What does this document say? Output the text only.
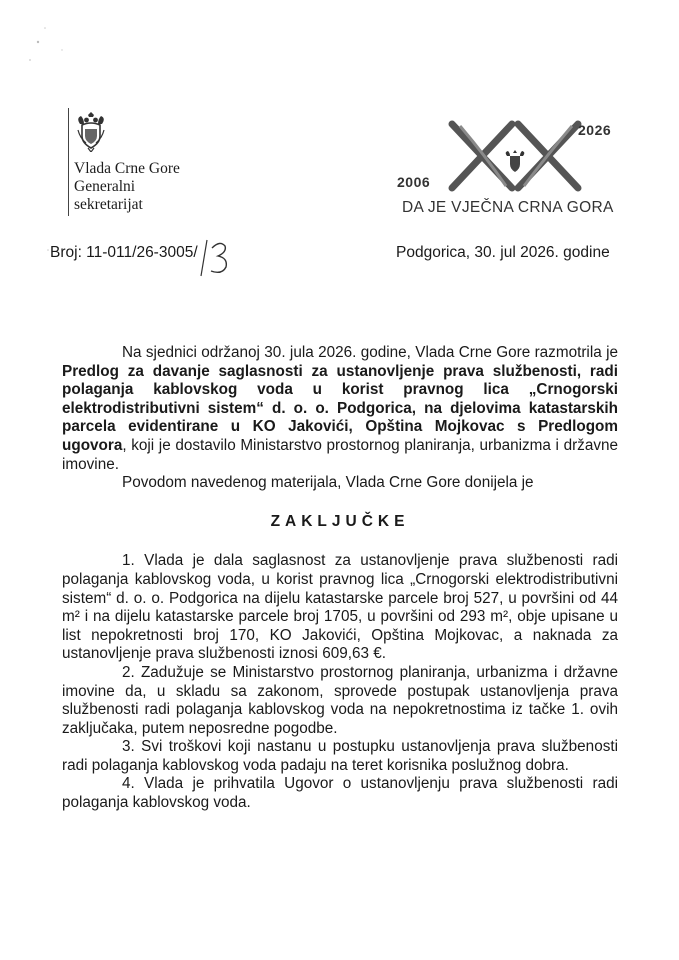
Vlada Crne Gore
Generalni
sekretarijat
2026
2006
DA JE VJEČNA CRNA GORA
Broj: 11-011/26-3005/	Podgorica, 30. jul 2026. godine

Na sjednici održanoj 30. jula 2026. godine, Vlada Crne Gore razmotrila je Predlog za davanje saglasnosti za ustanovljenje prava službenosti, radi polaganja kablovskog voda u korist pravnog lica „Crnogorski elektrodistributivni sistem“ d. o. o. Podgorica, na djelovima katastarskih parcela evidentirane u KO Jakovići, Opština Mojkovac s Predlogom ugovora, koji je dostavilo Ministarstvo prostornog planiranja, urbanizma i državne imovine.

Povodom navedenog materijala, Vlada Crne Gore donijela je

ZAKLJUČKE

1. Vlada je dala saglasnost za ustanovljenje prava službenosti radi polaganja kablovskog voda, u korist pravnog lica „Crnogorski elektrodistributivni sistem“ d. o. o. Podgorica na dijelu katastarske parcele broj 527, u površini od 44 m² i na dijelu katastarske parcele broj 1705, u površini od 293 m², obje upisane u list nepokretnosti broj 170, KO Jakovići, Opština Mojkovac, a naknada za ustanovljenje prava službenosti iznosi 609,63 €.

2. Zadužuje se Ministarstvo prostornog planiranja, urbanizma i državne imovine da, u skladu sa zakonom, sprovede postupak ustanovljenja prava službenosti radi polaganja kablovskog voda na nepokretnostima iz tačke 1. ovih zaključaka, putem neposredne pogodbe.

3. Svi troškovi koji nastanu u postupku ustanovljenja prava službenosti radi polaganja kablovskog voda padaju na teret korisnika poslužnog dobra.

4. Vlada je prihvatila Ugovor o ustanovljenju prava službenosti radi polaganja kablovskog voda.
